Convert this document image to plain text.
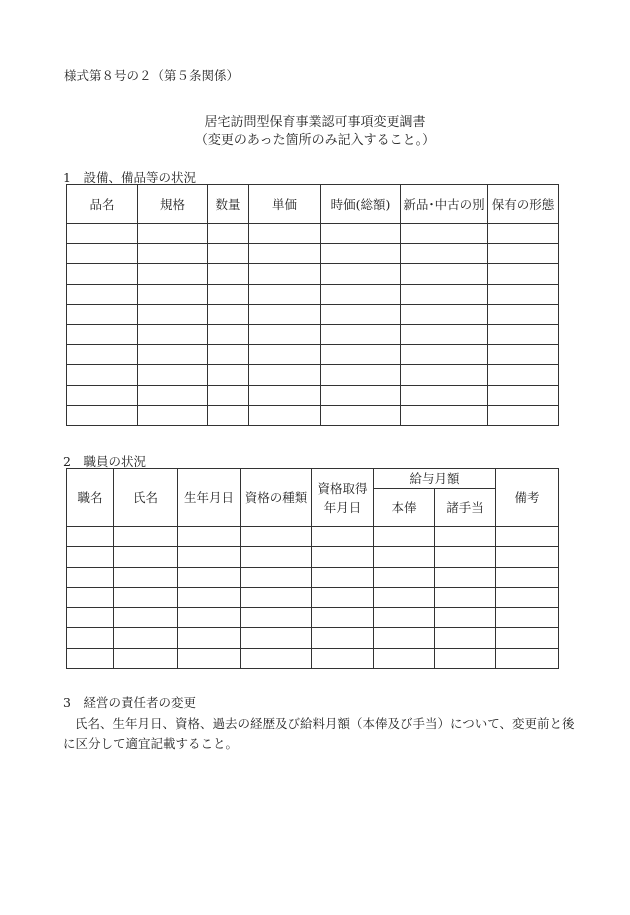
様式第８号の２（第５条関係）
居宅訪問型保育事業認可事項変更調書
（変更のあった箇所のみ記入すること。）
1　設備、備品等の状況
品名	規格	数量	単価	時価(総額)	新品･中古の別	保有の形態

2　職員の状況
職名	氏名	生年月日	資格の種類	資格取得年月日	給与月額		備考
					本俸	諸手当	

3　経営の責任者の変更
氏名、生年月日、資格、過去の経歴及び給料月額（本俸及び手当）について、変更前と後に区分して適宜記載すること。
